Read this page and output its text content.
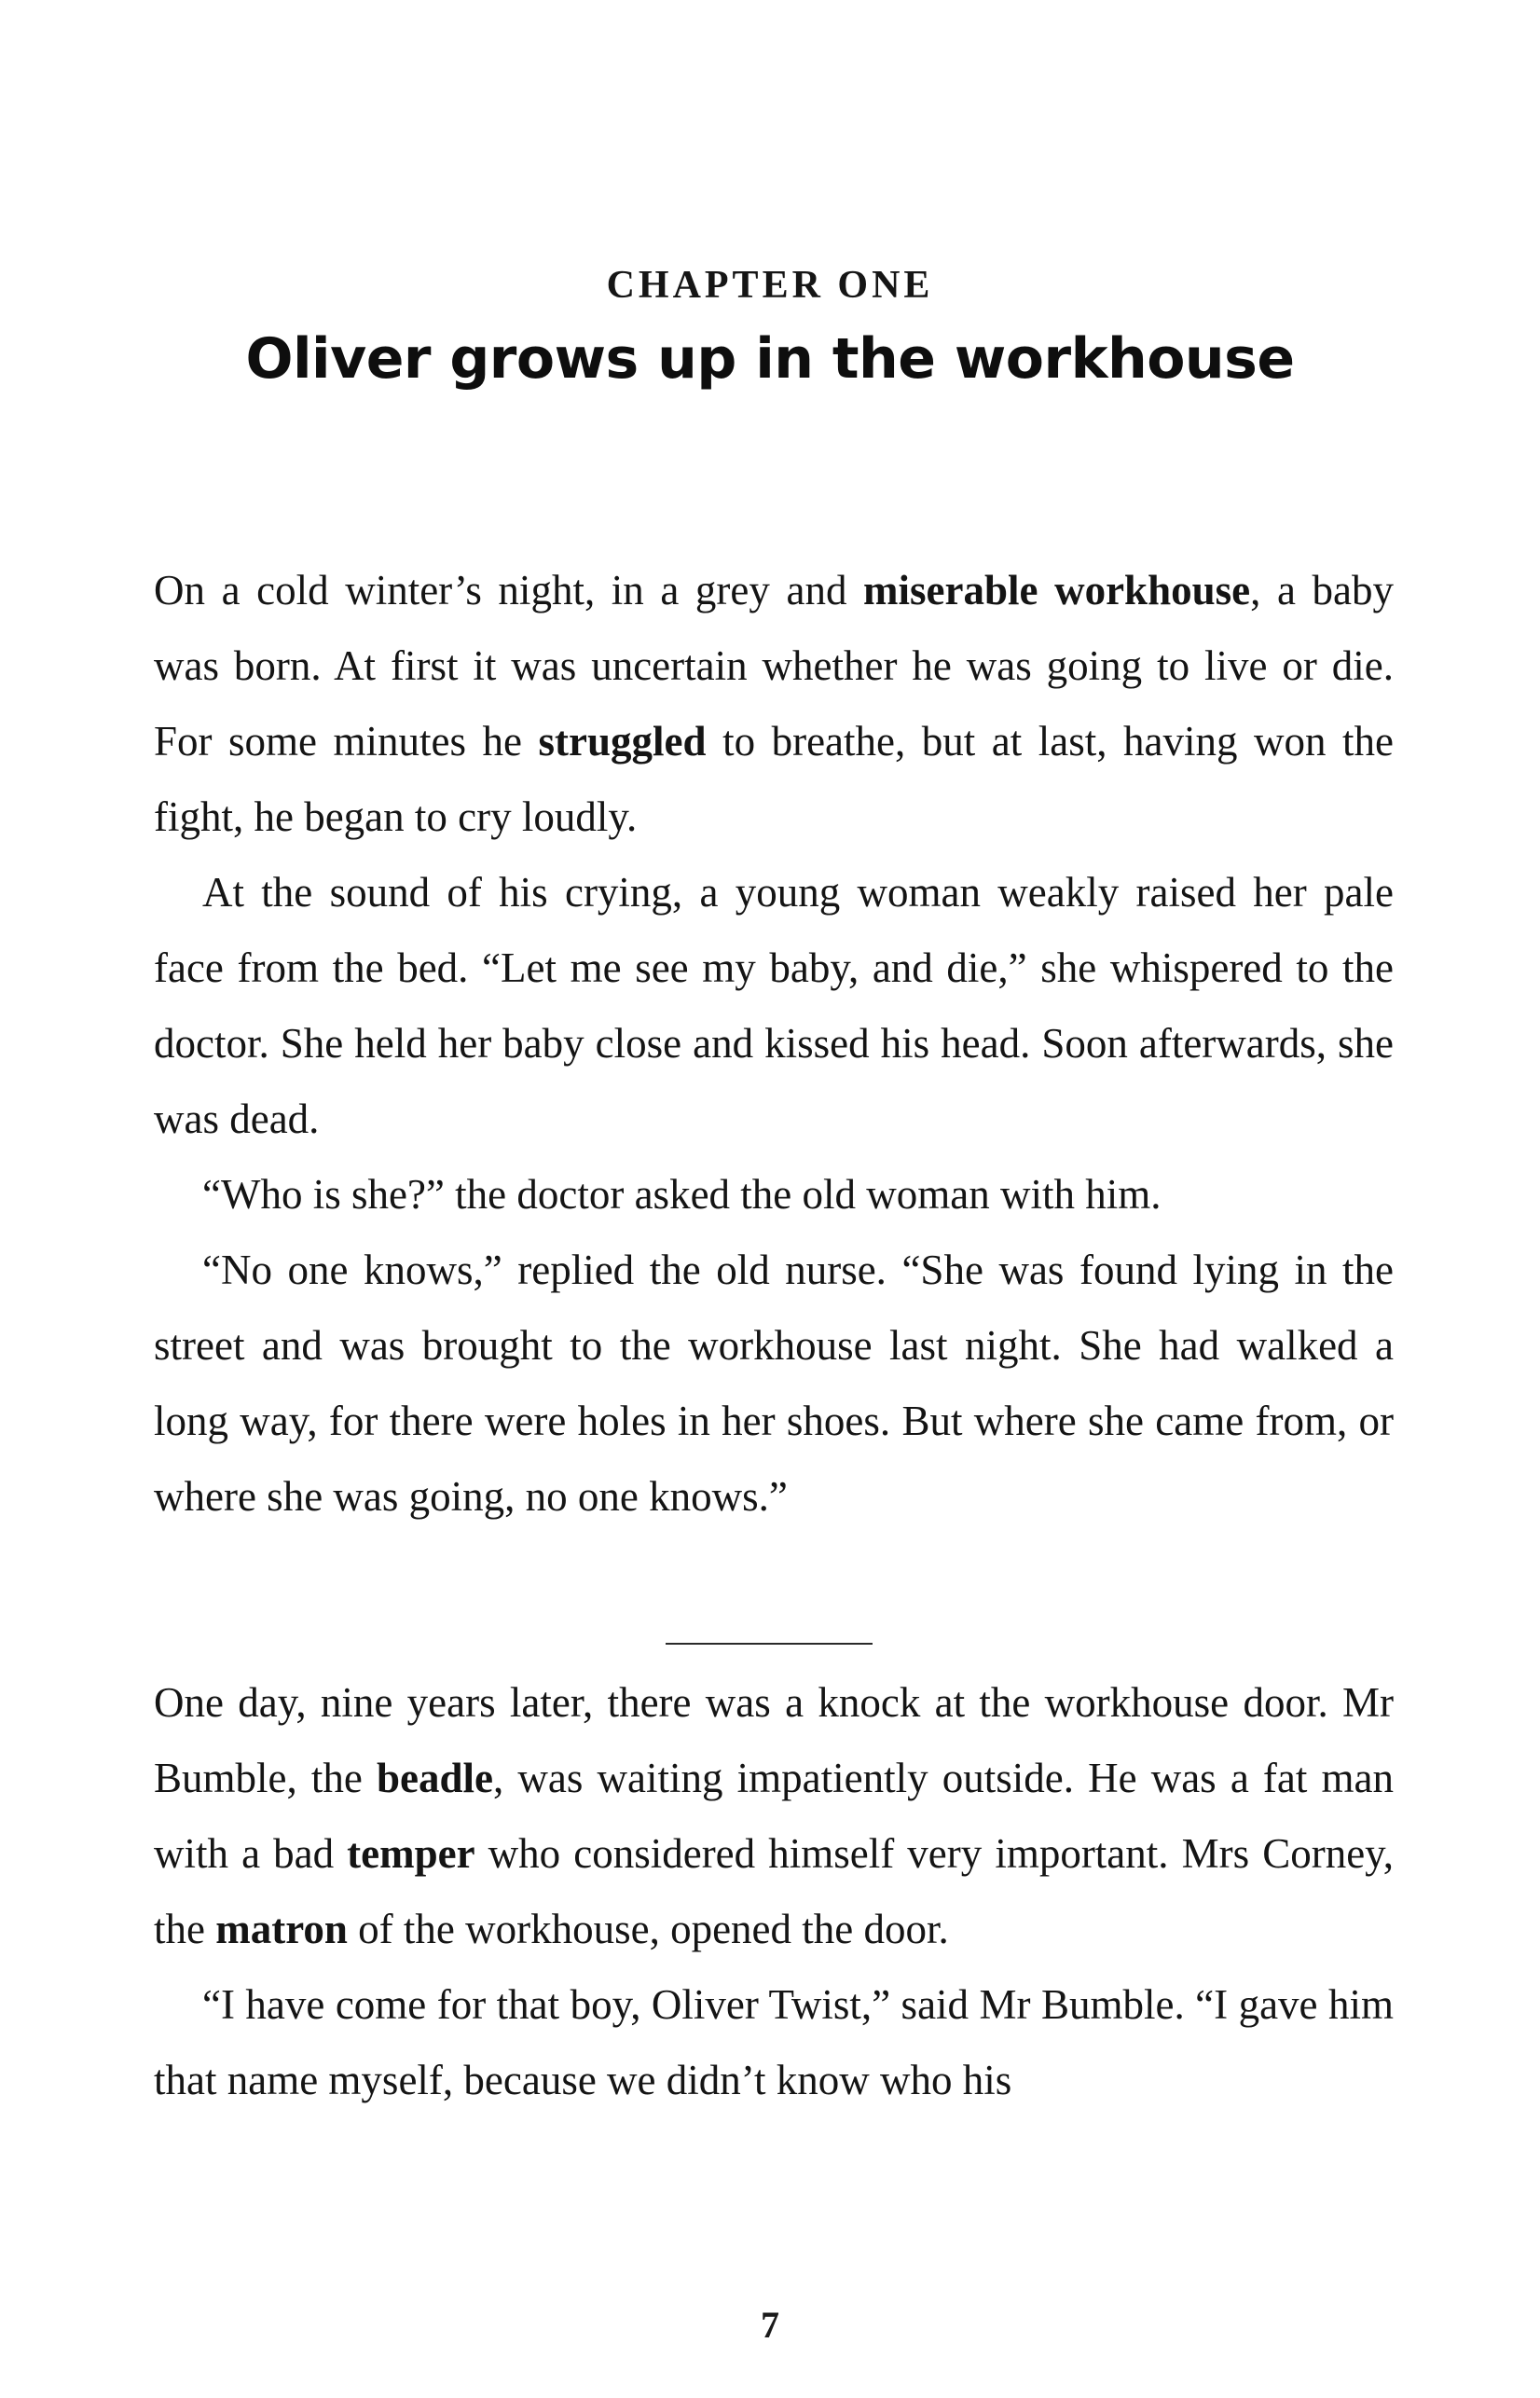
CHAPTER ONE
Oliver grows up in the workhouse

On a cold winter’s night, in a grey and miserable workhouse, a baby was born. At first it was uncertain whether he was going to live or die. For some minutes he struggled to breathe, but at last, having won the fight, he began to cry loudly.

At the sound of his crying, a young woman weakly raised her pale face from the bed. “Let me see my baby, and die,” she whispered to the doctor. She held her baby close and kissed his head. Soon afterwards, she was dead.

“Who is she?” the doctor asked the old woman with him.

“No one knows,” replied the old nurse. “She was found lying in the street and was brought to the workhouse last night. She had walked a long way, for there were holes in her shoes. But where she came from, or where she was going, no one knows.”

One day, nine years later, there was a knock at the workhouse door. Mr Bumble, the beadle, was waiting impatiently outside. He was a fat man with a bad temper who considered himself very important. Mrs Corney, the matron of the workhouse, opened the door.

“I have come for that boy, Oliver Twist,” said Mr Bumble. “I gave him that name myself, because we didn’t know who his

7
